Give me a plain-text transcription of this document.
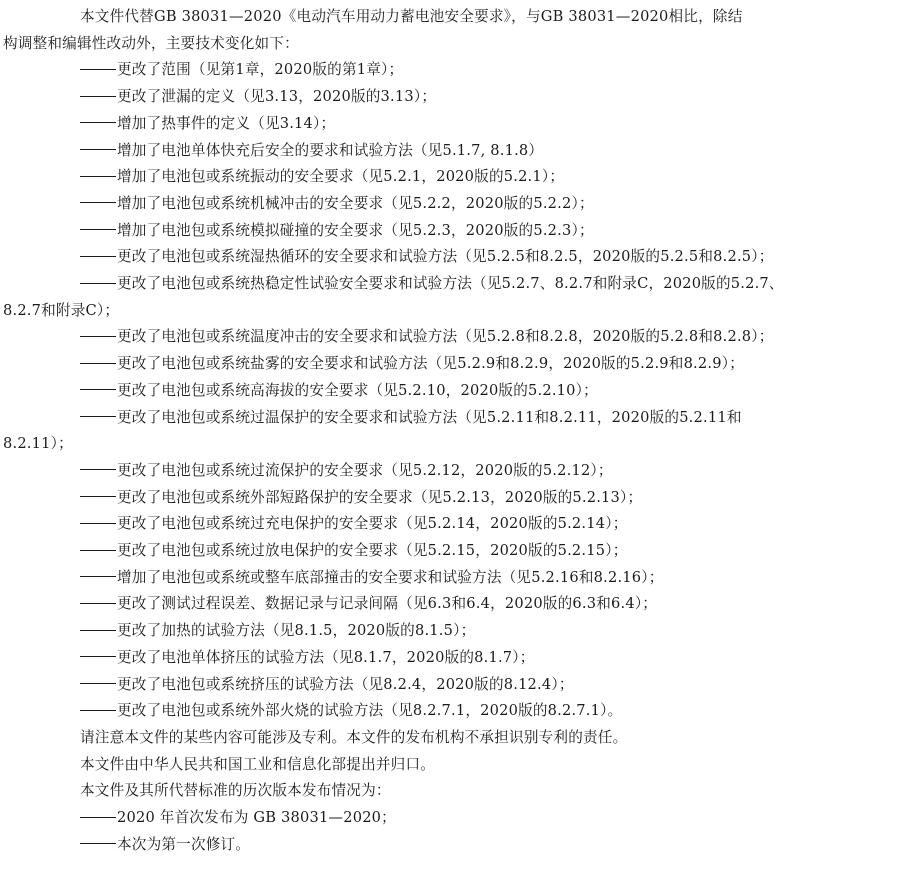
本文件代替GB 38031—2020《电动汽车用动力蓄电池安全要求》，与GB 38031—2020相比，除结

构调整和编辑性改动外，主要技术变化如下：

更改了范围（见第1章，2020版的第1章）；

更改了泄漏的定义（见3.13，2020版的3.13）；

增加了热事件的定义（见3.14）；

增加了电池单体快充后安全的要求和试验方法（见5.1.7, 8.1.8）

增加了电池包或系统振动的安全要求（见5.2.1，2020版的5.2.1）；

增加了电池包或系统机械冲击的安全要求（见5.2.2，2020版的5.2.2）；

增加了电池包或系统模拟碰撞的安全要求（见5.2.3，2020版的5.2.3）；

更改了电池包或系统湿热循环的安全要求和试验方法（见5.2.5和8.2.5，2020版的5.2.5和8.2.5）；

更改了电池包或系统热稳定性试验安全要求和试验方法（见5.2.7、8.2.7和附录C，2020版的5.2.7、

8.2.7和附录C）；

更改了电池包或系统温度冲击的安全要求和试验方法（见5.2.8和8.2.8，2020版的5.2.8和8.2.8）；

更改了电池包或系统盐雾的安全要求和试验方法（见5.2.9和8.2.9，2020版的5.2.9和8.2.9）；

更改了电池包或系统高海拔的安全要求（见5.2.10，2020版的5.2.10）；

更改了电池包或系统过温保护的安全要求和试验方法（见5.2.11和8.2.11，2020版的5.2.11和

8.2.11）；

更改了电池包或系统过流保护的安全要求（见5.2.12，2020版的5.2.12）；

更改了电池包或系统外部短路保护的安全要求（见5.2.13，2020版的5.2.13）；

更改了电池包或系统过充电保护的安全要求（见5.2.14，2020版的5.2.14）；

更改了电池包或系统过放电保护的安全要求（见5.2.15，2020版的5.2.15）；

增加了电池包或系统或整车底部撞击的安全要求和试验方法（见5.2.16和8.2.16）；

更改了测试过程误差、数据记录与记录间隔（见6.3和6.4，2020版的6.3和6.4）；

更改了加热的试验方法（见8.1.5，2020版的8.1.5）；

更改了电池单体挤压的试验方法（见8.1.7，2020版的8.1.7）；

更改了电池包或系统挤压的试验方法（见8.2.4，2020版的8.12.4）；

更改了电池包或系统外部火烧的试验方法（见8.2.7.1，2020版的8.2.7.1）。

请注意本文件的某些内容可能涉及专利。本文件的发布机构不承担识别专利的责任。

本文件由中华人民共和国工业和信息化部提出并归口。

本文件及其所代替标准的历次版本发布情况为：

2020 年首次发布为 GB 38031—2020；

本次为第一次修订。
